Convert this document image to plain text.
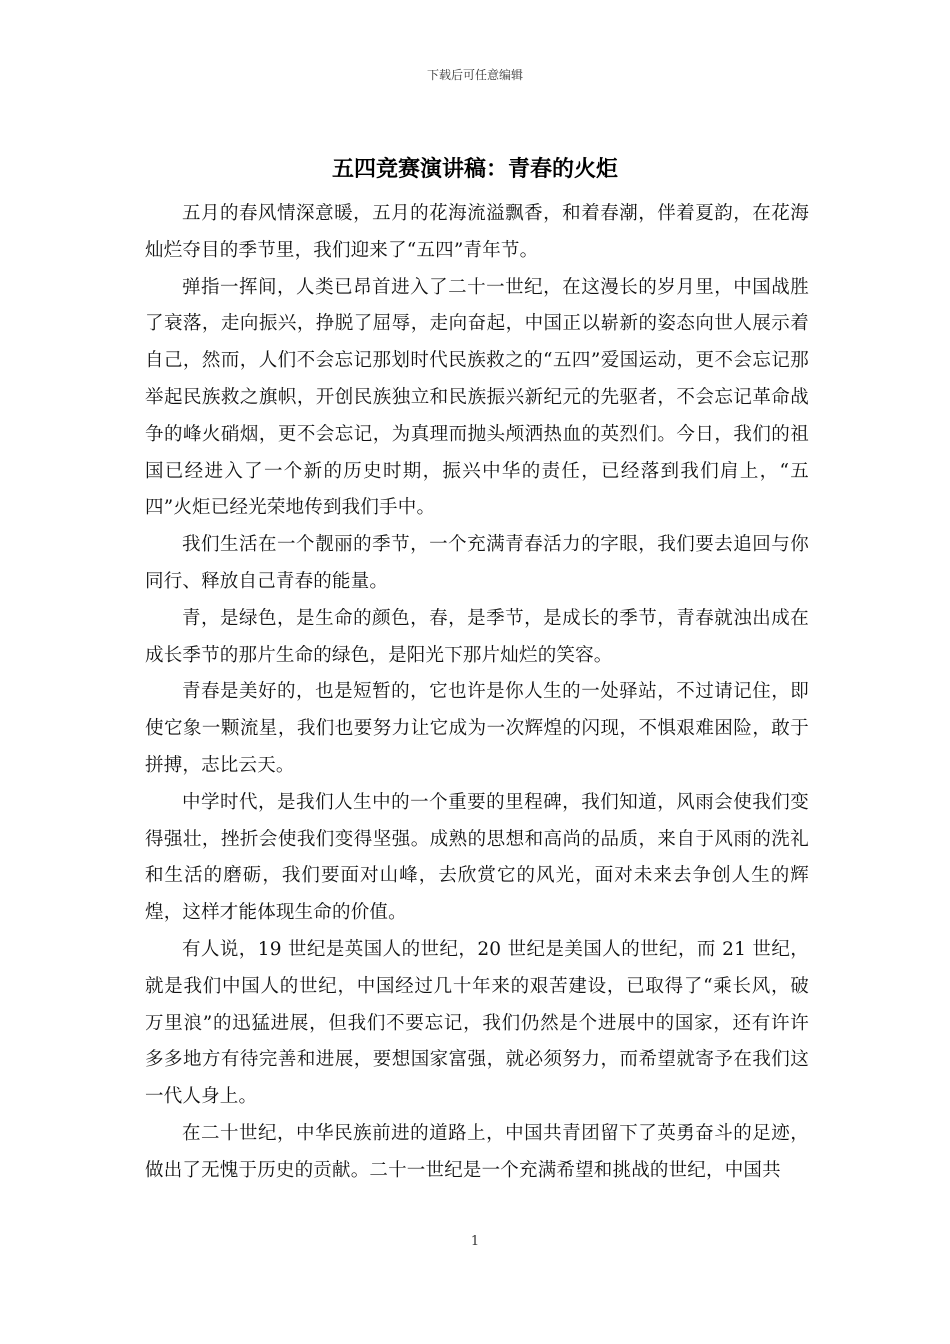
下载后可任意编辑
五四竞赛演讲稿：青春的火炬

五月的春风情深意暖，五月的花海流溢飘香，和着春潮，伴着夏韵，在花海灿烂夺目的季节里，我们迎来了“五四”青年节。

弹指一挥间，人类已昂首进入了二十一世纪，在这漫长的岁月里，中国战胜了衰落，走向振兴，挣脱了屈辱，走向奋起，中国正以崭新的姿态向世人展示着自己，然而，人们不会忘记那划时代民族救之的“五四”爱国运动，更不会忘记那举起民族救之旗帜，开创民族独立和民族振兴新纪元的先驱者，不会忘记革命战争的峰火硝烟，更不会忘记，为真理而抛头颅洒热血的英烈们。今日，我们的祖国已经进入了一个新的历史时期，振兴中华的责任，已经落到我们肩上，“五四”火炬已经光荣地传到我们手中。

我们生活在一个靓丽的季节，一个充满青春活力的字眼，我们要去追回与你同行、释放自己青春的能量。

青，是绿色，是生命的颜色，春，是季节，是成长的季节，青春就浊出成在成长季节的那片生命的绿色，是阳光下那片灿烂的笑容。

青春是美好的，也是短暂的，它也许是你人生的一处驿站，不过请记住，即使它象一颗流星，我们也要努力让它成为一次辉煌的闪现，不惧艰难困险，敢于拼搏，志比云天。

中学时代，是我们人生中的一个重要的里程碑，我们知道，风雨会使我们变得强壮，挫折会使我们变得坚强。成熟的思想和高尚的品质，来自于风雨的洗礼和生活的磨砺，我们要面对山峰，去欣赏它的风光，面对未来去争创人生的辉煌，这样才能体现生命的价值。

有人说，19 世纪是英国人的世纪，20 世纪是美国人的世纪，而 21 世纪，就是我们中国人的世纪，中国经过几十年来的艰苦建设，已取得了“乘长风，破万里浪”的迅猛进展，但我们不要忘记，我们仍然是个进展中的国家，还有许许多多地方有待完善和进展，要想国家富强，就必须努力，而希望就寄予在我们这一代人身上。

在二十世纪，中华民族前进的道路上，中国共青团留下了英勇奋斗的足迹，做出了无愧于历史的贡献。二十一世纪是一个充满希望和挑战的世纪，中国共

1
